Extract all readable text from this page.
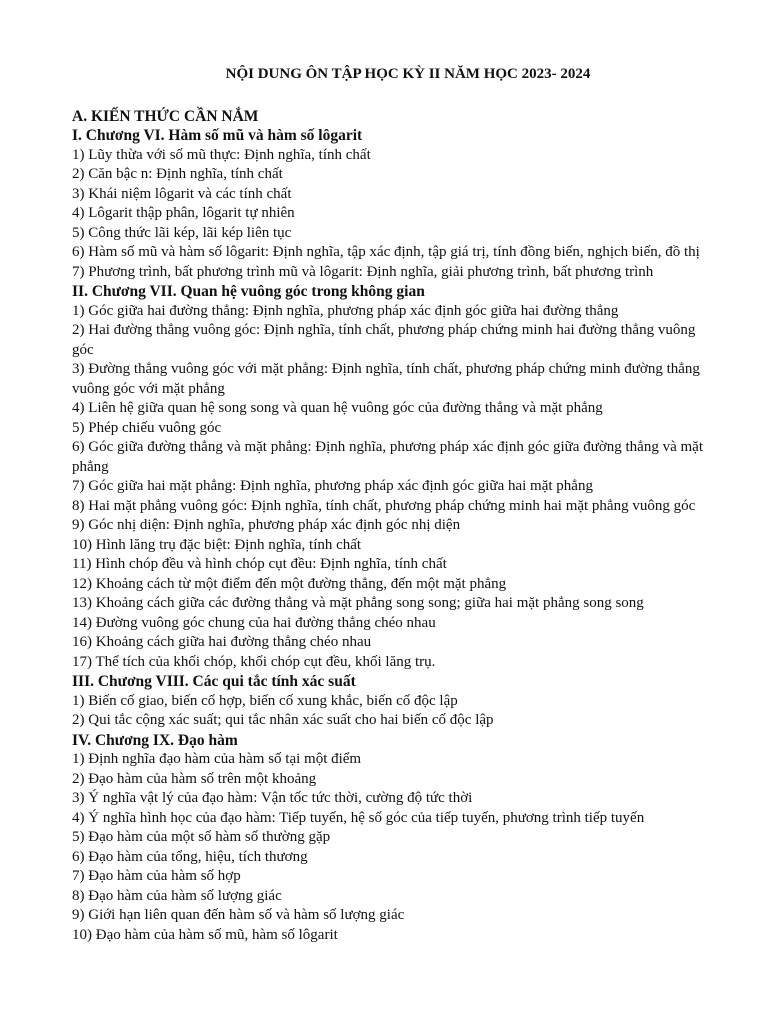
NỘI DUNG ÔN TẬP HỌC KỲ II NĂM HỌC 2023- 2024

A. KIẾN THỨC CẦN NẮM

I. Chương VI. Hàm số mũ và hàm số lôgarit

1) Lũy thừa với số mũ thực: Định nghĩa, tính chất

2) Căn bậc n: Định nghĩa, tính chất

3) Khái niệm lôgarit và các tính chất

4) Lôgarit thập phân, lôgarit tự nhiên

5) Công thức lãi kép, lãi kép liên tục

6) Hàm số mũ và hàm số lôgarit: Định nghĩa, tập xác định, tập giá trị, tính đồng biến, nghịch biến, đồ thị

7) Phương trình, bất phương trình mũ và lôgarit: Định nghĩa, giải phương trình, bất phương trình

II. Chương VII. Quan hệ vuông góc trong không gian

1) Góc giữa hai đường thẳng: Định nghĩa, phương pháp xác định góc giữa hai đường thẳng

2) Hai đường thẳng vuông góc: Định nghĩa, tính chất, phương pháp chứng minh hai đường thẳng vuông góc

3) Đường thẳng vuông góc với mặt phẳng: Định nghĩa, tính chất, phương pháp chứng minh đường thẳng vuông góc với mặt phẳng

4) Liên hệ giữa quan hệ song song và quan hệ vuông góc của đường thẳng và mặt phẳng

5) Phép chiếu vuông góc

6) Góc giữa đường thẳng và mặt phẳng: Định nghĩa, phương pháp xác định góc giữa đường thẳng và mặt phẳng

7) Góc giữa hai mặt phẳng: Định nghĩa, phương pháp xác định góc giữa hai mặt phẳng

8) Hai mặt phẳng vuông góc: Định nghĩa, tính chất, phương pháp chứng minh hai mặt phẳng vuông góc

9) Góc nhị diện: Định nghĩa, phương pháp xác định góc nhị diện

10) Hình lăng trụ đặc biệt: Định nghĩa, tính chất

11) Hình chóp đều và hình chóp cụt đều: Định nghĩa, tính chất

12) Khoảng cách từ một điểm đến một đường thẳng, đến một mặt phẳng

13) Khoảng cách giữa các đường thẳng và mặt phẳng song song; giữa hai mặt phẳng song song

14) Đường vuông góc chung của hai đường thẳng chéo nhau

16) Khoảng cách giữa hai đường thẳng chéo nhau

17) Thể tích của khối chóp, khối chóp cụt đều, khối lăng trụ.

III. Chương VIII. Các qui tắc tính xác suất

1) Biến cố giao, biến cố hợp, biến cố xung khắc, biến cố độc lập

2) Qui tắc cộng xác suất; qui tắc nhân xác suất cho hai biến cố độc lập

IV. Chương IX. Đạo hàm

1) Định nghĩa đạo hàm của hàm số tại một điểm

2) Đạo hàm của hàm số trên một khoảng

3) Ý nghĩa vật lý của đạo hàm: Vận tốc tức thời, cường độ tức thời

4) Ý nghĩa hình học của đạo hàm: Tiếp tuyến, hệ số góc của tiếp tuyến, phương trình tiếp tuyến

5) Đạo hàm của một số hàm số thường gặp

6) Đạo hàm của tổng, hiệu, tích thương

7) Đạo hàm của hàm số hợp

8) Đạo hàm của hàm số lượng giác

9) Giới hạn liên quan đến hàm số và hàm số lượng giác

10) Đạo hàm của hàm số mũ, hàm số lôgarit
